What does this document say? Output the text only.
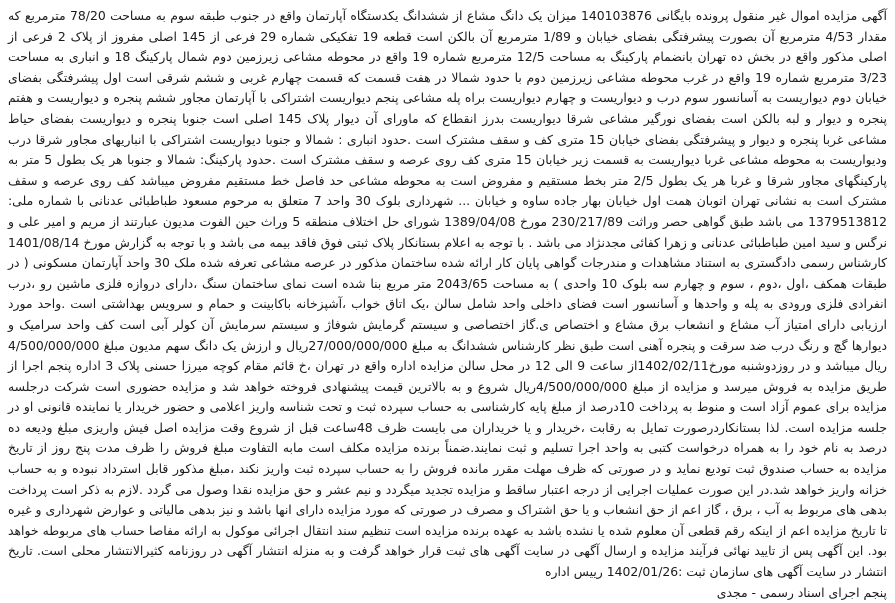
آگهی مزایده اموال غیر منقول پرونده بایگانی 140103876 میزان یک دانگ مشاع از ششدانگ یکدستگاه آپارتمان واقع در جنوب طبقه سوم به مساحت 78/20 مترمربع که مقدار 4/53 مترمربع آن بصورت پیشرفتگی بفضای خیابان و 1/89 مترمربع آن بالکن است قطعه 19 تفکیکی شماره 29 فرعی از 145 اصلی مفروز از پلاک 2 فرعی از اصلی مذکور واقع در بخش ده تهران بانضمام پارکینگ به مساحت 12/5 مترمربع شماره 19 واقع در محوطه مشاعی زیرزمین دوم شمال پارکینگ 18 و انباری به مساحت 3/23 مترمربع شماره 19 واقع در غرب محوطه مشاعی زیرزمین دوم با حدود شمالا در هفت قسمت که قسمت چهارم غربی و ششم شرقی است اول پیشرفتگی بفضای خیابان دوم دیواریست به آسانسور سوم درب و دیواریست و چهارم دیواریست براه پله مشاعی پنجم دیواریست اشتراکی با آپارتمان مجاور ششم پنجره و دیواریست و هفتم پنجره و دیوار و لبه بالکن است بفضای نورگیر مشاعی شرقا دیواریست بدرز انقطاع که ماورای آن دیوار پلاک 145 اصلی است جنوبا پنجره و دیواریست بفضای حیاط مشاعی غربا پنجره و دیوار و پیشرفتگی بفضای خیابان 15 متری کف و سقف مشترک است .حدود انباری : شمالا و جنوبا دیواریست اشتراکی با انباریهای مجاور شرقا درب ودیواریست به محوطه مشاعی غربا دیواریست به قسمت زیر خیابان 15 متری کف روی عرصه و سقف مشترک است .حدود پارکینگ: شمالا و جنوبا هر یک بطول 5 متر به پارکینگهای مجاور شرقا و غربا هر یک بطول 2/5 متر بخط مستقیم و مفروض است به محوطه مشاعی حد فاصل خط مستقیم مفروض میباشد کف روی عرصه و سقف مشترک است به نشانی تهران اتوبان همت اول خیابان بهار جاده ساوه و خیابان ... شهرداری بلوک 30 واحد 7 متعلق به مرحوم مسعود طباطبائی عدنانی با شماره ملی: 1379513812 می باشد طبق گواهی حصر وراثت 230/217/89 مورخ 1389/04/08 شورای حل اختلاف منطقه 5 وراث حین الفوت مدیون عبارتند از مریم و امیر علی و نرگس و سید امین طباطبائی عدنانی و زهرا کفائی مجدنژاد می باشد . با توجه به اعلام بستانکار پلاک ثبتی فوق فاقد بیمه می باشد و با توجه به گزارش مورخ 1401/08/14 کارشناس رسمی دادگستری به استناد مشاهدات و مندرجات گواهی پایان کار ارائه شده ساختمان مذکور در عرصه مشاعی تعرفه شده ملک 30 واحد آپارتمان مسکونی ( در طبقات همکف ،اول ،دوم ، سوم و چهارم سه بلوک 10 واحدی ) به مساحت 2043/65 متر مربع بنا شده است نمای ساختمان سنگ ،دارای دروازه فلزی ماشین رو ،درب انفرادی فلزی ورودی به پله و واحدها و آسانسور است فضای داخلی واحد شامل سالن ،یک اتاق خواب ،آشپزخانه باکابینت و حمام و سرویس بهداشتی است .واحد مورد ارزیابی دارای امتیاز آب مشاع و انشعاب برق مشاع و اختصاص ی.گاز اختصاصی و سیستم گرمایش شوفاژ و سیستم سرمایش آن کولر آبی است کف واحد سرامیک و دیوارها گچ و رنگ درب ضد سرقت و پنجره آهنی است طبق نظر کارشناس ششدانگ به مبلغ 27/000/000/000ریال و ارزش یک دانگ سهم مدیون مبلغ 4/500/000/000 ریال میباشد و در روزدوشنبه مورخ1402/02/11از ساعت 9 الی 12 در محل سالن مزایده اداره واقع در تهران ،خ قائم مقام کوچه میرزا حسنی پلاک 3 اداره پنجم اجرا از طریق مزایده به فروش میرسد و مزایده از مبلغ 4/500/000/000ریال شروع و به بالاترین قیمت پیشنهادی فروخته خواهد شد و مزایده حضوری است شرکت درجلسه مزایده برای عموم آزاد است و منوط به پرداخت 10درصد از مبلغ پایه کارشناسی به حساب سپرده ثبت و تحت شناسه واریز اعلامی و حضور خریدار یا نماینده قانونی او در جلسه مزایده است. لذا بستانکاردرصورت تمایل به رقابت ،خریدار و یا خریداران می بایست ظرف 48ساعت قبل از شروع وقت مزایده اصل فیش واریزی مبلغ ودیعه ده درصد به نام خود را به همراه درخواست کتبی به واحد اجرا تسلیم و ثبت نمایند.ضمناً برنده مزایده مکلف است مابه التفاوت مبلغ فروش را ظرف مدت پنج روز از تاریخ مزایده به حساب صندوق ثبت تودیع نماید و در صورتی که ظرف مهلت مقرر مانده فروش را به حساب سپرده ثبت واریز نکند ،مبلغ مذکور قابل استرداد نبوده و به حساب خزانه واریز خواهد شد.در این صورت عملیات اجرایی از درجه اعتبار ساقط و مزایده تجدید میگردد و نیم عشر و حق مزایده نقدا وصول می گردد .لازم به ذکر است پرداخت بدهی های مربوط به آب ، برق ، گاز اعم از حق انشعاب و یا حق اشتراک و مصرف در صورتی که مورد مزایده دارای انها باشد و نیز بدهی مالیاتی و عوارض شهرداری و غیره تا تاریخ مزایده اعم از اینکه رقم قطعی آن معلوم شده یا نشده باشد به عهده برنده مزایده است تنظیم سند انتقال اجرائی موکول به ارائه مفاصا حساب های مربوطه خواهد بود. این آگهی پس از تایید نهائی فرآیند مزایده و ارسال آگهی در سایت آگهی های ثبت قرار خواهد گرفت و به منزله انتشار آگهی در روزنامه کثیرالانتشار محلی است. تاریخ انتشار در سایت آگهی های سازمان ثبت :1402/01/26 رییس اداره

پنجم اجرای اسناد رسمی - مجدی
